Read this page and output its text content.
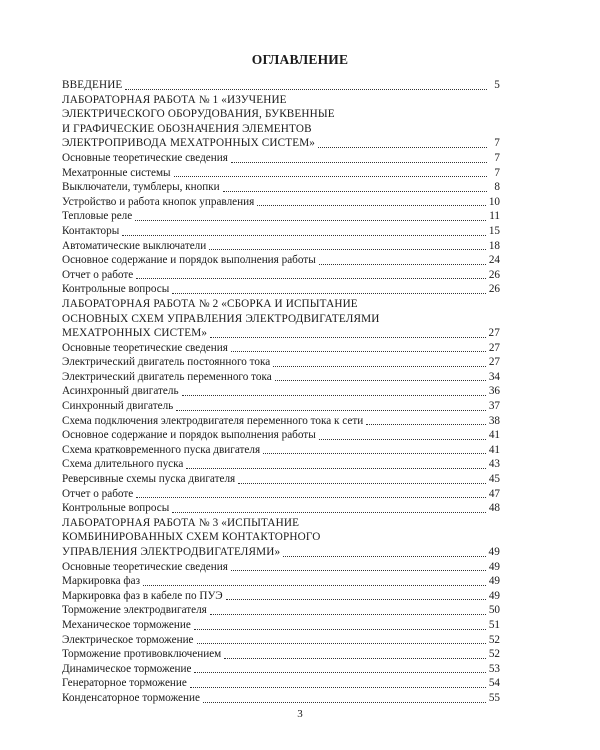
ОГЛАВЛЕНИЕ
ВВЕДЕНИЕ	5
ЛАБОРАТОРНАЯ РАБОТА № 1 «ИЗУЧЕНИЕ
ЭЛЕКТРИЧЕСКОГО ОБОРУДОВАНИЯ, БУКВЕННЫЕ
И ГРАФИЧЕСКИЕ ОБОЗНАЧЕНИЯ ЭЛЕМЕНТОВ
ЭЛЕКТРОПРИВОДА МЕХАТРОННЫХ СИСТЕМ»	7
Основные теоретические сведения	7
Мехатронные системы	7
Выключатели, тумблеры, кнопки	8
Устройство и работа кнопок управления	10
Тепловые реле	11
Контакторы	15
Автоматические выключатели	18
Основное содержание и порядок выполнения работы	24
Отчет о работе	26
Контрольные вопросы	26
ЛАБОРАТОРНАЯ РАБОТА № 2 «СБОРКА И ИСПЫТАНИЕ
ОСНОВНЫХ СХЕМ УПРАВЛЕНИЯ ЭЛЕКТРОДВИГАТЕЛЯМИ
МЕХАТРОННЫХ СИСТЕМ»	27
Основные теоретические сведения	27
Электрический двигатель постоянного тока	27
Электрический двигатель переменного тока	34
Асинхронный двигатель	36
Синхронный двигатель	37
Схема подключения электродвигателя переменного тока к сети	38
Основное содержание и порядок выполнения работы	41
Схема кратковременного пуска двигателя	41
Схема длительного пуска	43
Реверсивные схемы пуска двигателя	45
Отчет о работе	47
Контрольные вопросы	48
ЛАБОРАТОРНАЯ РАБОТА № 3 «ИСПЫТАНИЕ
КОМБИНИРОВАННЫХ СХЕМ КОНТАКТОРНОГО
УПРАВЛЕНИЯ ЭЛЕКТРОДВИГАТЕЛЯМИ»	49
Основные теоретические сведения	49
Маркировка фаз	49
Маркировка фаз в кабеле по ПУЭ	49
Торможение электродвигателя	50
Механическое торможение	51
Электрическое торможение	52
Торможение противовключением	52
Динамическое торможение	53
Генераторное торможение	54
Конденсаторное торможение	55
3
